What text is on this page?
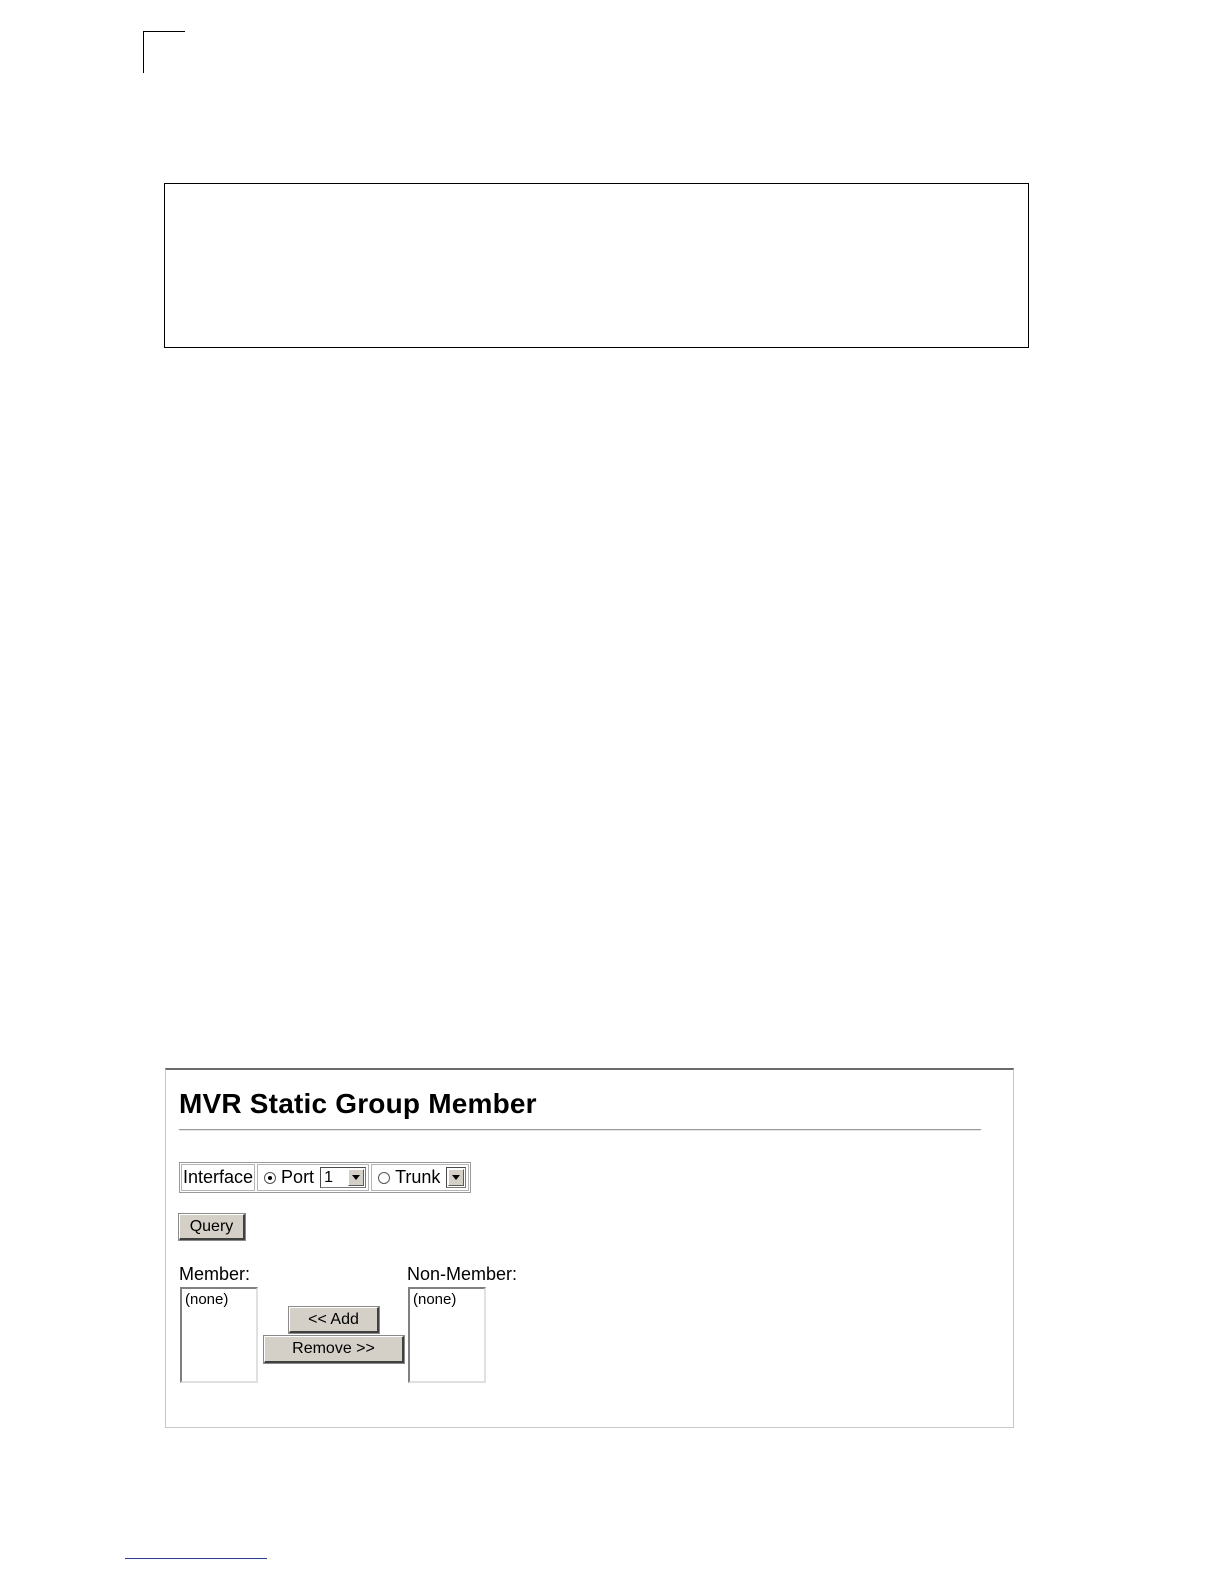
MVR Static Group Member
Interface Port 1	Trunk
Query
Member:
(none)
<< Add
Remove >>
Non-Member:
(none)
